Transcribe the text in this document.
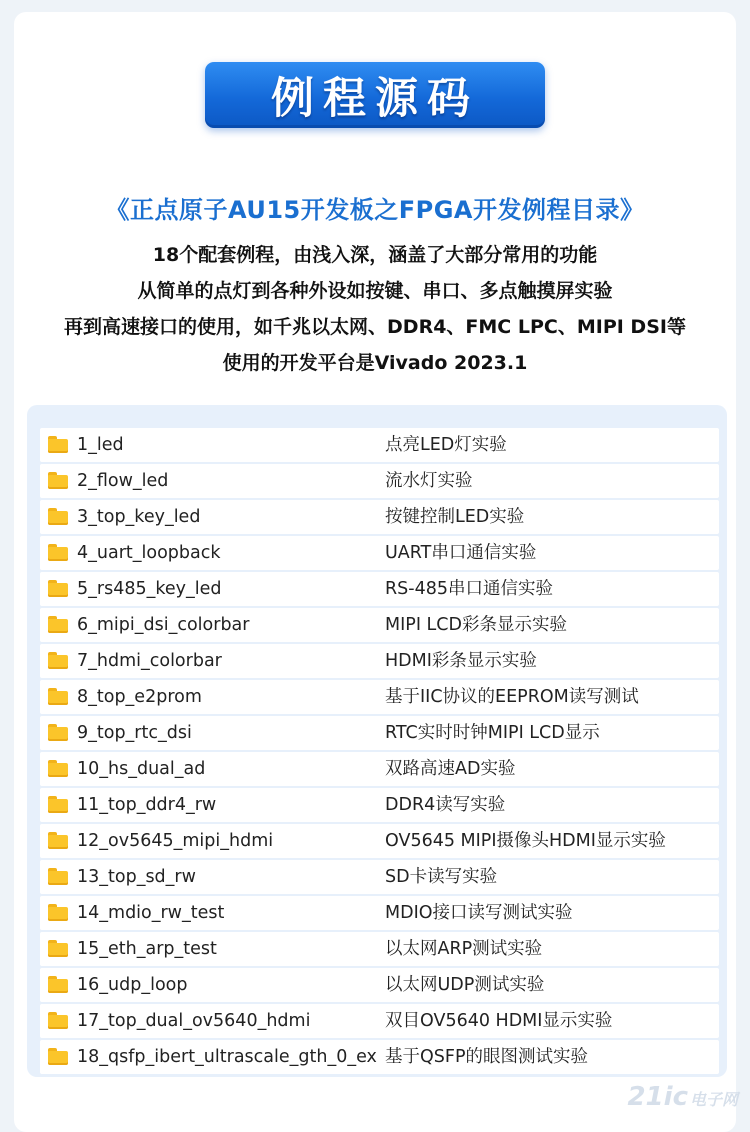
例程源码
《正点原子AU15开发板之FPGA开发例程目录》
18个配套例程，由浅入深，涵盖了大部分常用的功能
从简单的点灯到各种外设如按键、串口、多点触摸屏实验
再到高速接口的使用，如千兆以太网、DDR4、FMC LPC、MIPI DSI等
使用的开发平台是Vivado 2023.1
1_led	点亮LED灯实验
2_flow_led	流水灯实验
3_top_key_led	按键控制LED实验
4_uart_loopback	UART串口通信实验
5_rs485_key_led	RS-485串口通信实验
6_mipi_dsi_colorbar	MIPI LCD彩条显示实验
7_hdmi_colorbar	HDMI彩条显示实验
8_top_e2prom	基于IIC协议的EEPROM读写测试
9_top_rtc_dsi	RTC实时时钟MIPI LCD显示
10_hs_dual_ad	双路高速AD实验
11_top_ddr4_rw	DDR4读写实验
12_ov5645_mipi_hdmi	OV5645 MIPI摄像头HDMI显示实验
13_top_sd_rw	SD卡读写实验
14_mdio_rw_test	MDIO接口读写测试实验
15_eth_arp_test	以太网ARP测试实验
16_udp_loop	以太网UDP测试实验
17_top_dual_ov5640_hdmi	双目OV5640 HDMI显示实验
18_qsfp_ibert_ultrascale_gth_0_ex 基于QSFP的眼图测试实验
21ic 电子网
